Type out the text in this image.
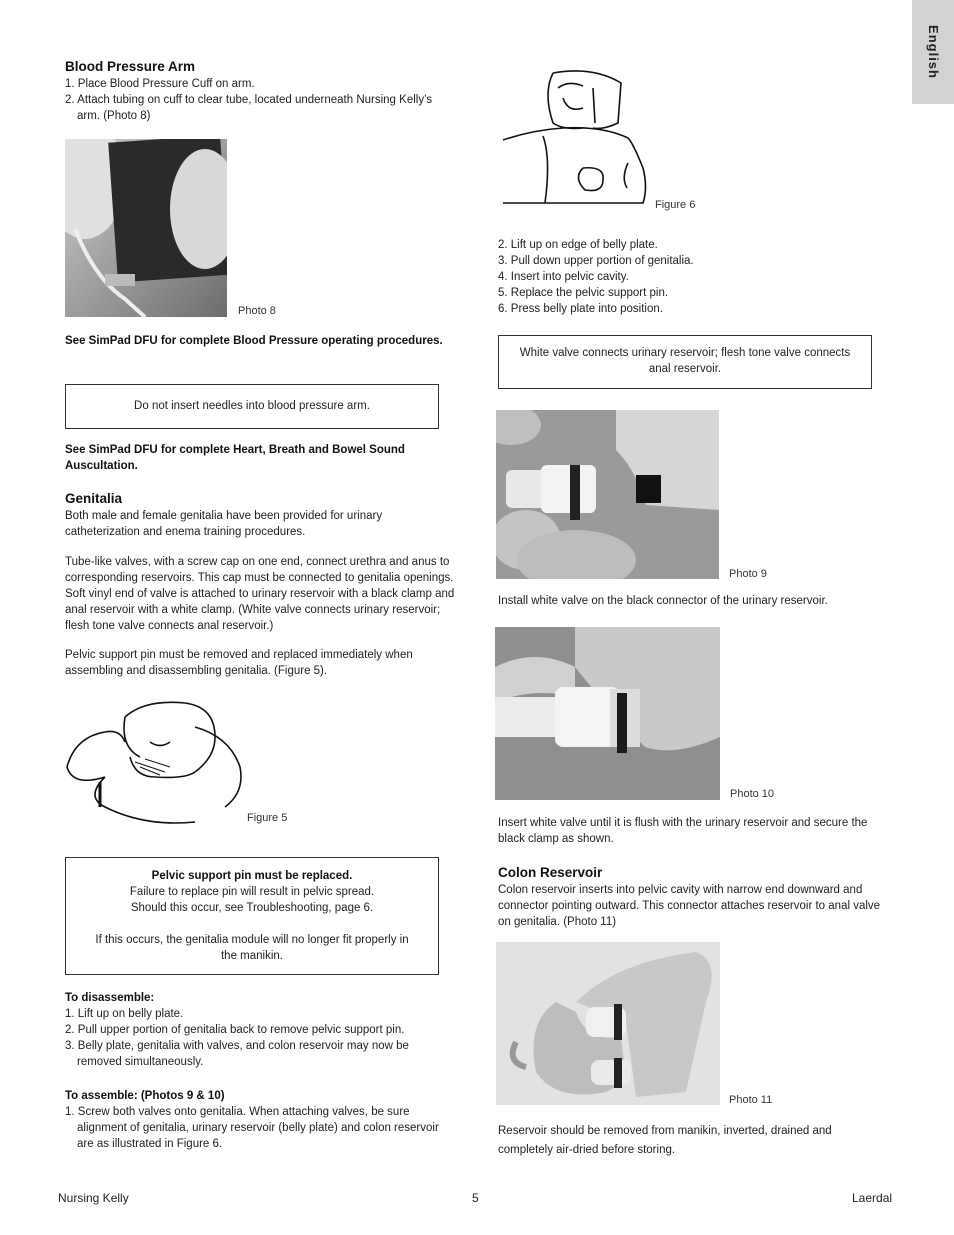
English
Blood Pressure Arm
1. Place Blood Pressure Cuff on arm.
2. Attach tubing on cuff to clear tube, located underneath Nursing Kelly’s arm. (Photo 8)
Photo 8
See SimPad DFU for complete Blood Pressure operating procedures.
Do not insert needles into blood pressure arm.
See SimPad DFU for complete Heart, Breath and Bowel Sound Auscultation.
Genitalia

Both male and female genitalia have been provided for urinary catheterization and enema training procedures.

Tube-like valves, with a screw cap on one end, connect urethra and anus to corresponding reservoirs. This cap must be connected to genitalia openings. Soft vinyl end of valve is attached to urinary reservoir with a black clamp and anal reservoir with a white clamp. (White valve connects urinary reservoir; flesh tone valve connects anal reservoir.)

Pelvic support pin must be removed and replaced immediately when assembling and disassembling genitalia. (Figure 5).

Figure 5
Pelvic support pin must be replaced.
Failure to replace pin will result in pelvic spread.
Should this occur, see Troubleshooting, page 6.
If this occurs, the genitalia module will no longer fit properly in the manikin.
To disassemble:
1. Lift up on belly plate.
2. Pull upper portion of genitalia back to remove pelvic support pin.
3. Belly plate, genitalia with valves, and colon reservoir may now be removed simultaneously.
To assemble: (Photos 9 & 10)
1. Screw both valves onto genitalia. When attaching valves, be sure alignment of genitalia, urinary reservoir (belly plate) and colon reservoir are as illustrated in Figure 6.
Figure 6
2. Lift up on edge of belly plate.
3. Pull down upper portion of genitalia.
4. Insert into pelvic cavity.
5. Replace the pelvic support pin.
6. Press belly plate into position.
White valve connects urinary reservoir; flesh tone valve connects anal reservoir.
Photo 9

Install white valve on the black connector of the urinary reservoir.

Photo 10

Insert white valve until it is flush with the urinary reservoir and secure the black clamp as shown.

Colon Reservoir

Colon reservoir inserts into pelvic cavity with narrow end downward and connector pointing outward. This connector attaches reservoir to anal valve on genitalia. (Photo 11)

Photo 11

Reservoir should be removed from manikin, inverted, drained and completely air-dried before storing.

Nursing Kelly	5	Laerdal
